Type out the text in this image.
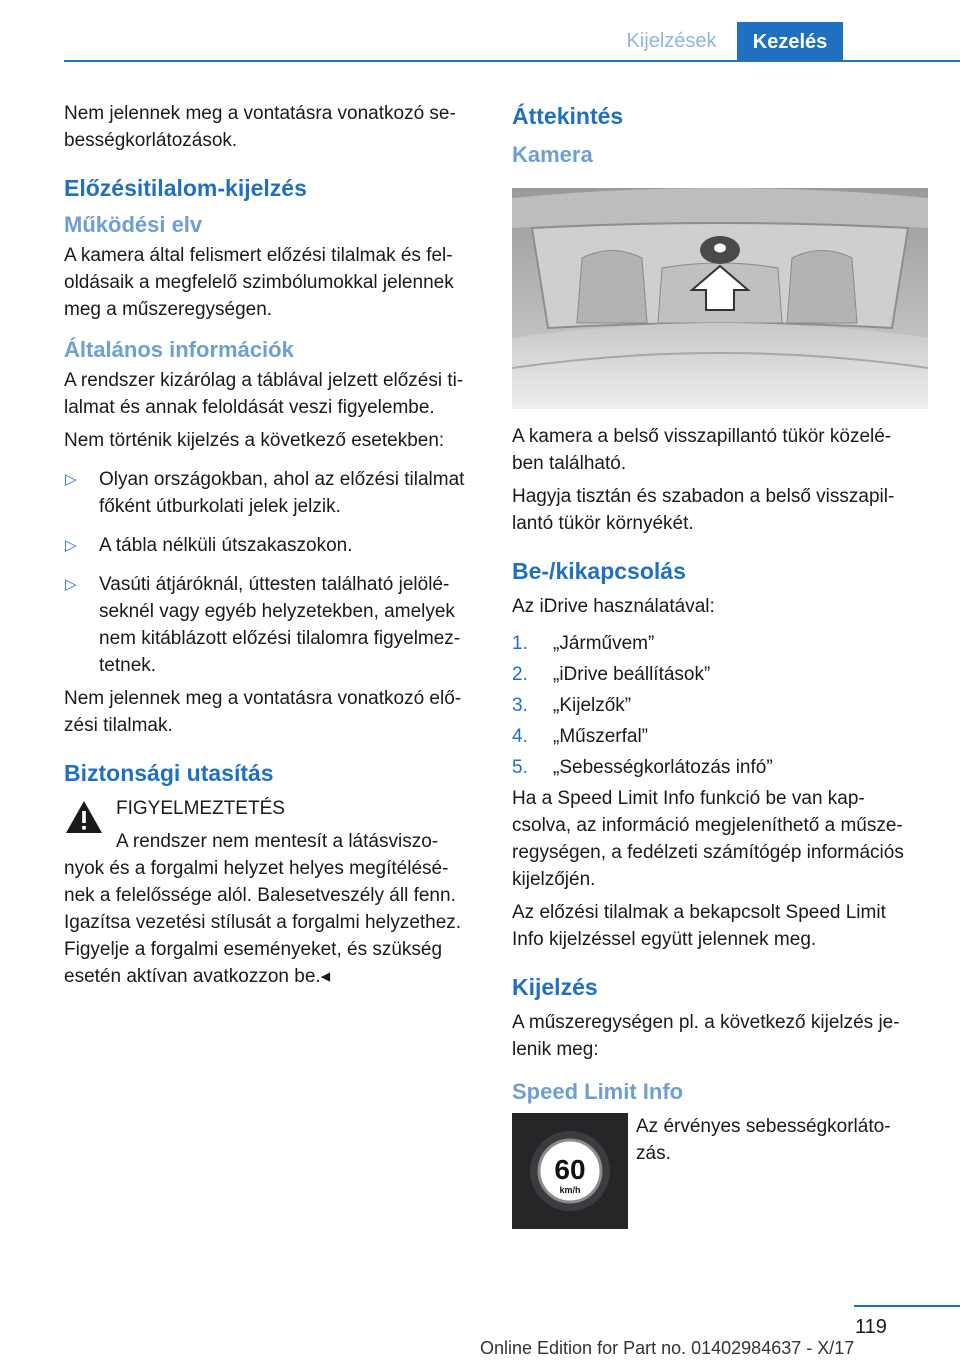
Kijelzések	Kezelés

Nem jelennek meg a vontatásra vonatkozó se-
bességkorlátozások.

Előzésitilalom-kijelzés
Működési elv

A kamera által felismert előzési tilalmak és fel-
oldásaik a megfelelő szimbólumokkal jelennek
meg a műszeregységen.

Általános információk

A rendszer kizárólag a táblával jelzett előzési ti-
lalmat és annak feloldását veszi figyelembe.

Nem történik kijelzés a következő esetekben:

▷ Olyan országokban, ahol az előzési tilalmat
főként útburkolati jelek jelzik.
▷ A tábla nélküli útszakaszokon.
▷ Vasúti átjáróknál, úttesten található jelölé-
seknél vagy egyéb helyzetekben, amelyek
nem kitáblázott előzési tilalomra figyelmez-
tetnek.

Nem jelennek meg a vontatásra vonatkozó elő-
zési tilalmak.

Biztonsági utasítás
FIGYELMEZTETÉS
A rendszer nem mentesít a látásviszo-
nyok és a forgalmi helyzet helyes megítélésé-
nek a felelőssége alól. Balesetveszély áll fenn.
Igazítsa vezetési stílusát a forgalmi helyzethez.
Figyelje a forgalmi eseményeket, és szükség
esetén aktívan avatkozzon be.◂
Áttekintés
Kamera

A kamera a belső visszapillantó tükör közelé-
ben található.

Hagyja tisztán és szabadon a belső visszapil-
lantó tükör környékét.

Be-/kikapcsolás

Az iDrive használatával:

1. „Járművem”
2. „iDrive beállítások”
3. „Kijelzők”
4. „Műszerfal”
5. „Sebességkorlátozás infó”

Ha a Speed Limit Info funkció be van kap-
csolva, az információ megjeleníthető a műsze-
regységen, a fedélzeti számítógép információs
kijelzőjén.

Az előzési tilalmak a bekapcsolt Speed Limit
Info kijelzéssel együtt jelennek meg.

Kijelzés

A műszeregységen pl. a következő kijelzés je-
lenik meg:

Speed Limit Info
60
km/h
Az érvényes sebességkorláto-
zás.
119
Online Edition for Part no. 01402984637 - X/17
